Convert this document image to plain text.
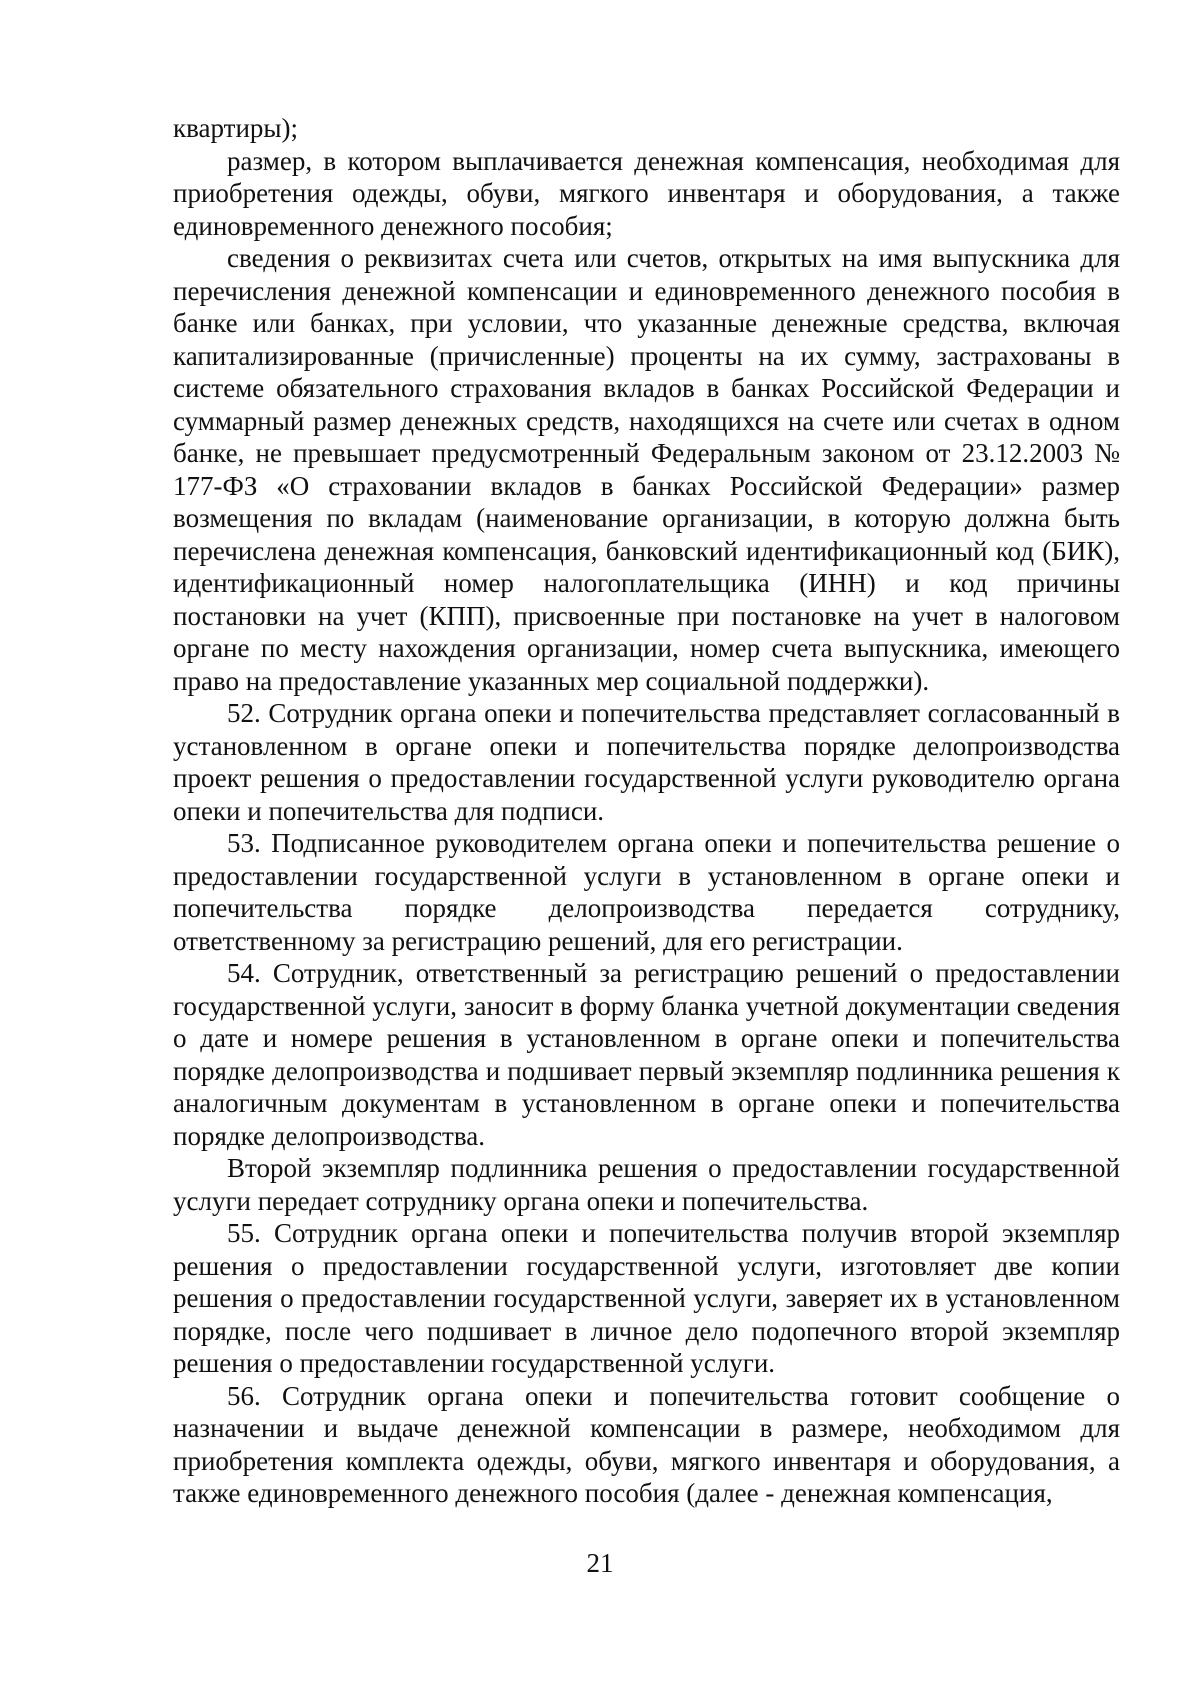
квартиры);

размер, в котором выплачивается денежная компенсация, необходимая для приобретения одежды, обуви, мягкого инвентаря и оборудования, а также единовременного денежного пособия;

сведения о реквизитах счета или счетов, открытых на имя выпускника для перечисления денежной компенсации и единовременного денежного пособия в банке или банках, при условии, что указанные денежные средства, включая капитализированные (причисленные) проценты на их сумму, застрахованы в системе обязательного страхования вкладов в банках Российской Федерации и суммарный размер денежных средств, находящихся на счете или счетах в одном банке, не превышает предусмотренный Федеральным законом от 23.12.2003 № 177-ФЗ «О страховании вкладов в банках Российской Федерации» размер возмещения по вкладам (наименование организации, в которую должна быть перечислена денежная компенсация, банковский идентификационный код (БИК), идентификационный номер налогоплательщика (ИНН) и код причины постановки на учет (КПП), присвоенные при постановке на учет в налоговом органе по месту нахождения организации, номер счета выпускника, имеющего право на предоставление указанных мер социальной поддержки).

52. Сотрудник органа опеки и попечительства представляет согласованный в установленном в органе опеки и попечительства порядке делопроизводства проект решения о предоставлении государственной услуги руководителю органа опеки и попечительства для подписи.

53. Подписанное руководителем органа опеки и попечительства решение о предоставлении государственной услуги в установленном в органе опеки и попечительства порядке делопроизводства передается сотруднику, ответственному за регистрацию решений, для его регистрации.

54. Сотрудник, ответственный за регистрацию решений о предоставлении государственной услуги, заносит в форму бланка учетной документации сведения о дате и номере решения в установленном в органе опеки и попечительства порядке делопроизводства и подшивает первый экземпляр подлинника решения к аналогичным документам в установленном в органе опеки и попечительства порядке делопроизводства.

Второй экземпляр подлинника решения о предоставлении государственной услуги передает сотруднику органа опеки и попечительства.

55. Сотрудник органа опеки и попечительства получив второй экземпляр решения о предоставлении государственной услуги, изготовляет две копии решения о предоставлении государственной услуги, заверяет их в установленном порядке, после чего подшивает в личное дело подопечного второй экземпляр решения о предоставлении государственной услуги.

56. Сотрудник органа опеки и попечительства готовит сообщение о назначении и выдаче денежной компенсации в размере, необходимом для приобретения комплекта одежды, обуви, мягкого инвентаря и оборудования, а также единовременного денежного пособия (далее - денежная компенсация,

21
